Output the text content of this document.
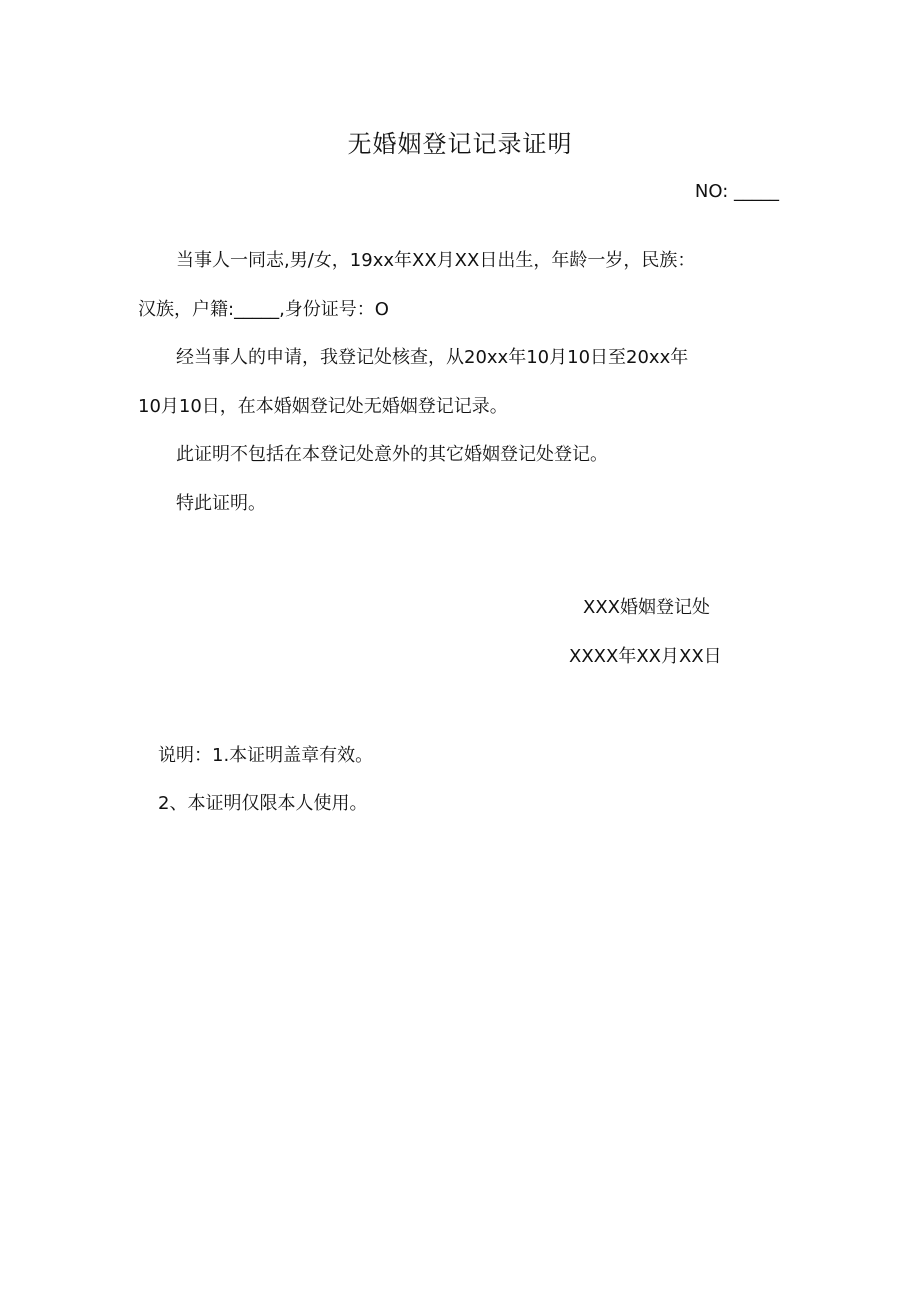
无婚姻登记记录证明
NO: _____
当事人一同志,男/女，19xx年XX月XX日出生，年龄一岁，民族：
汉族，户籍:_____,身份证号：O
经当事人的申请，我登记处核查，从20xx年10月10日至20xx年
10月10日，在本婚姻登记处无婚姻登记记录。
此证明不包括在本登记处意外的其它婚姻登记处登记。
特此证明。
XXX婚姻登记处
XXXX年XX月XX日
说明：1.本证明盖章有效。
2、本证明仅限本人使用。
